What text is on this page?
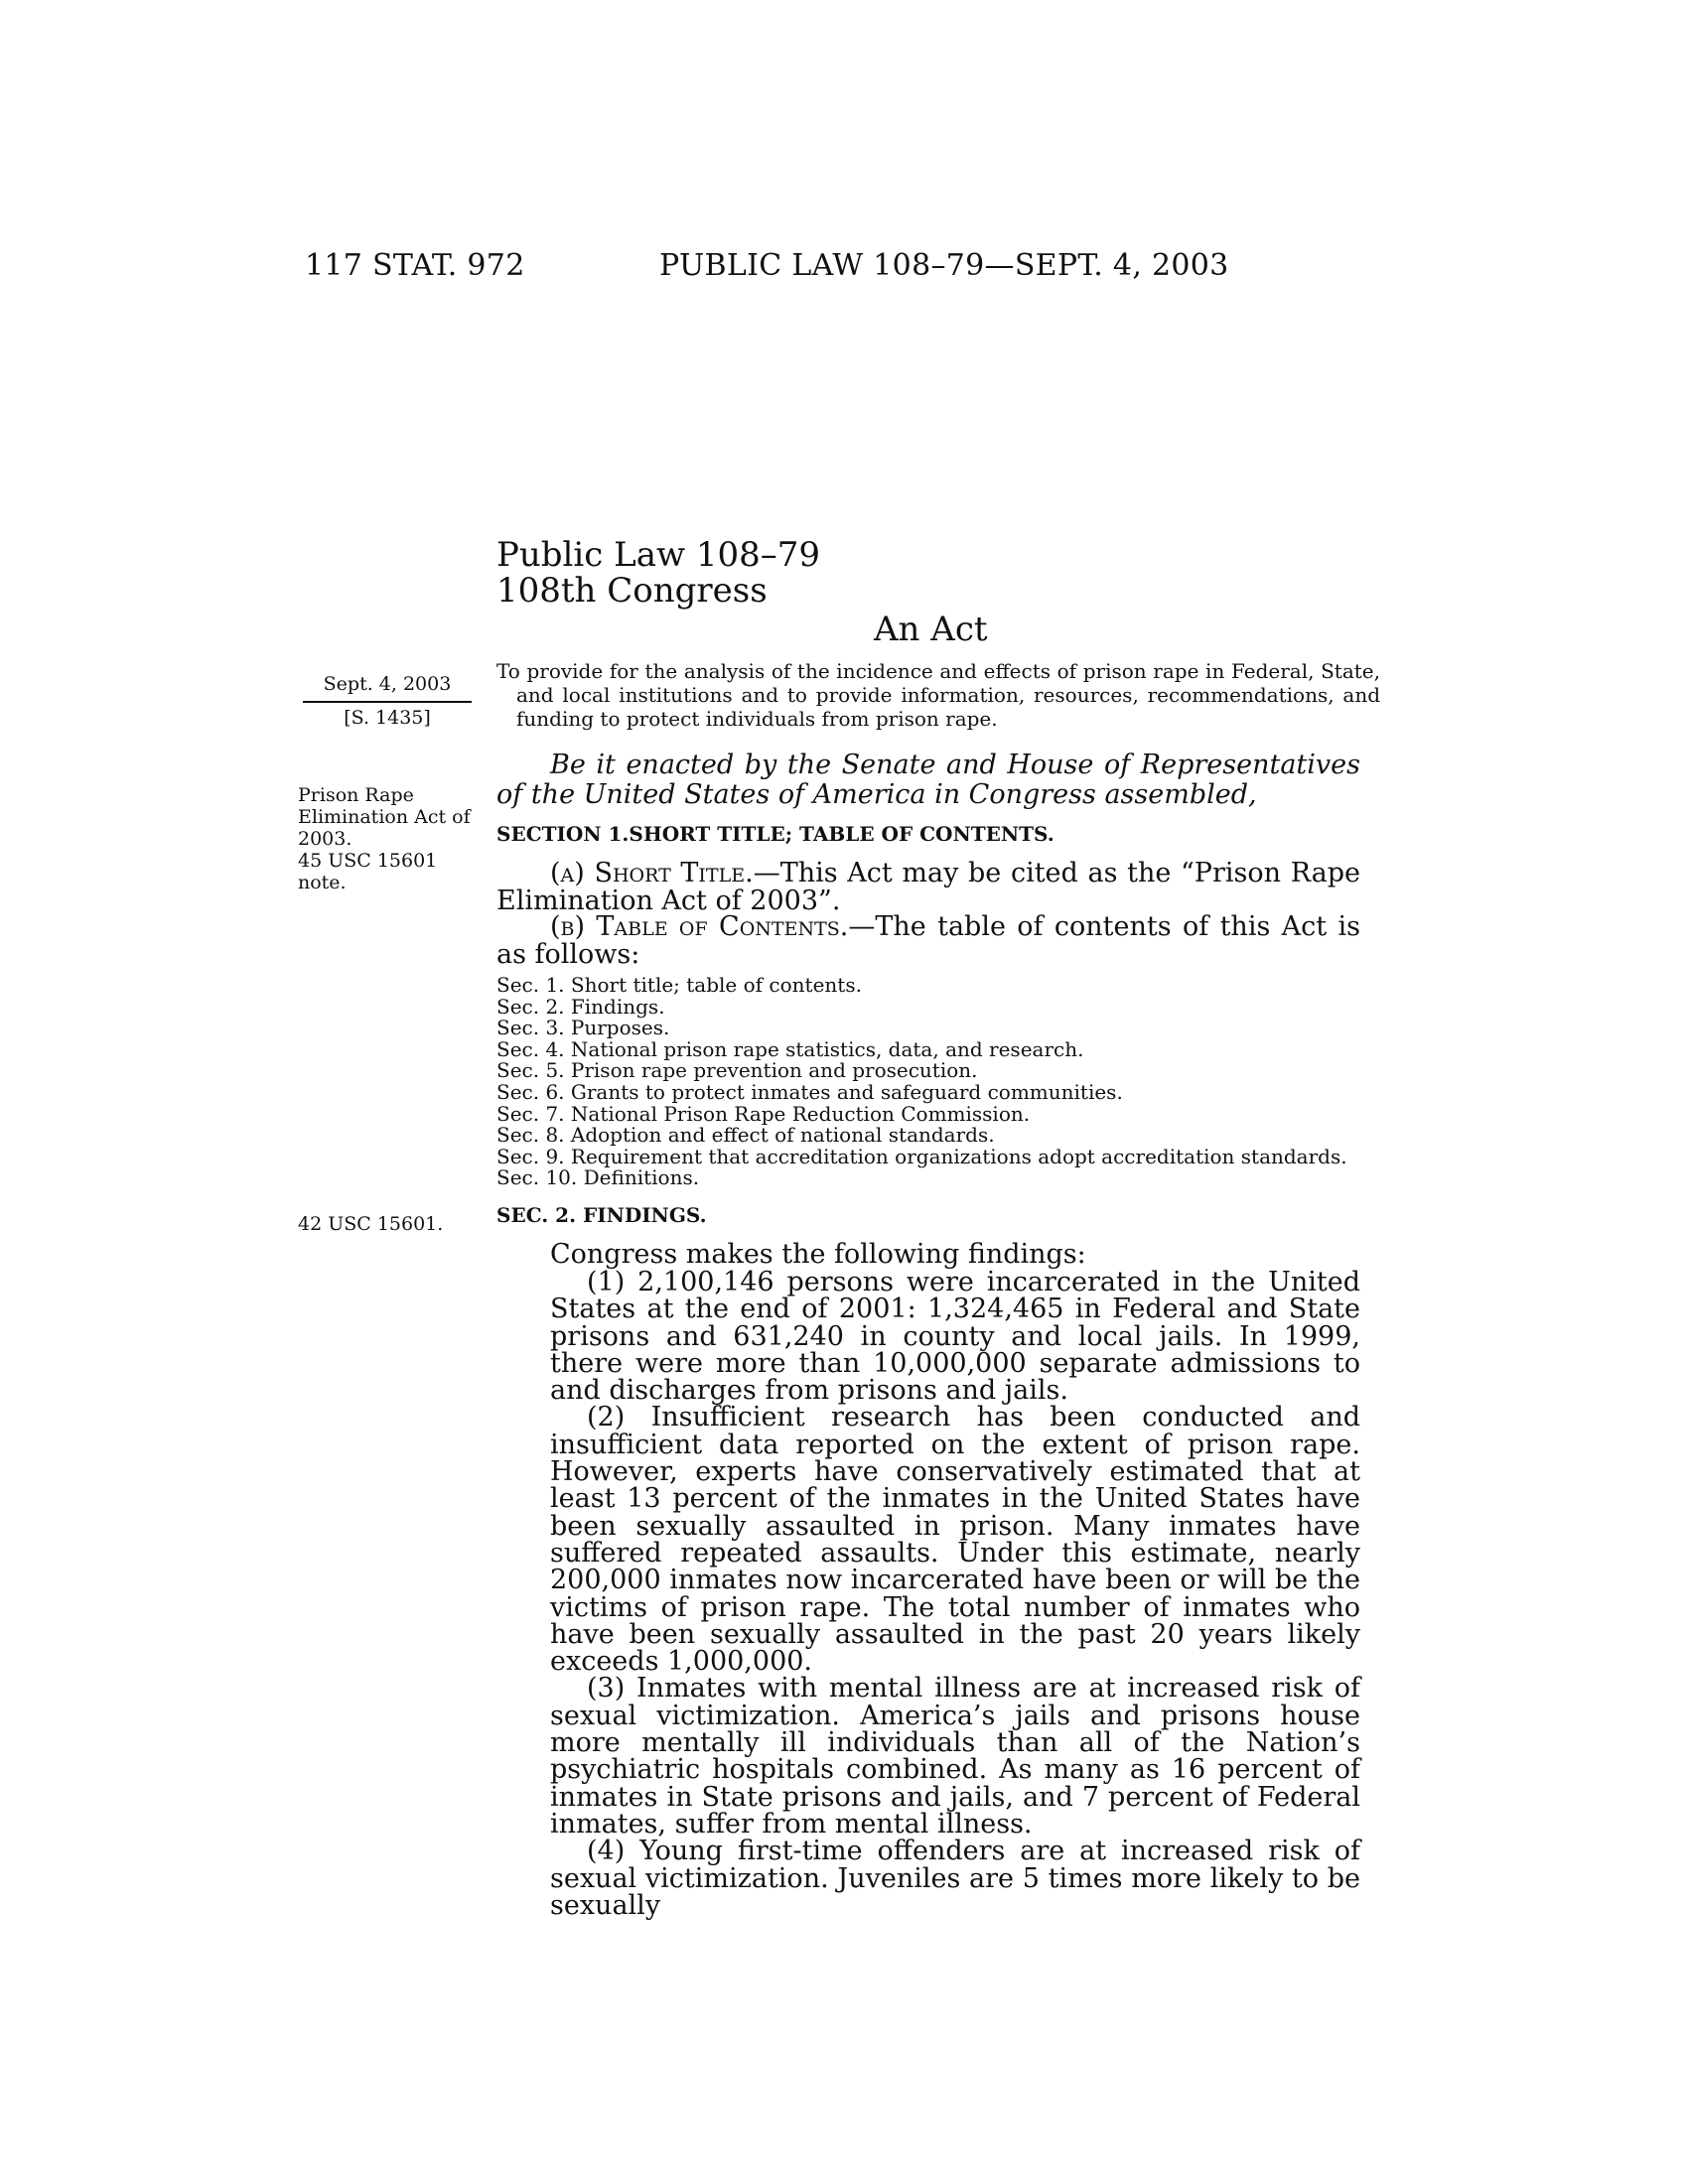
117 STAT. 972	PUBLIC LAW 108–79—SEPT. 4, 2003
Public Law 108–79
108th Congress
An Act
Sept. 4, 2003
[S. 1435]
Prison Rape Elimination Act of 2003.
45 USC 15601 note.
42 USC 15601.
To provide for the analysis of the incidence and effects of prison rape in Federal, State, and local institutions and to provide information, resources, recommendations, and funding to protect individuals from prison rape.
Be it enacted by the Senate and House of Representatives of the United States of America in Congress assembled,
SECTION 1.SHORT TITLE; TABLE OF CONTENTS.
(a) Short Title.—This Act may be cited as the “Prison Rape Elimination Act of 2003”.
(b) Table of Contents.—The table of contents of this Act is as follows:
Sec. 1. Short title; table of contents.
Sec. 2. Findings.
Sec. 3. Purposes.
Sec. 4. National prison rape statistics, data, and research.
Sec. 5. Prison rape prevention and prosecution.
Sec. 6. Grants to protect inmates and safeguard communities.
Sec. 7. National Prison Rape Reduction Commission.
Sec. 8. Adoption and effect of national standards.
Sec. 9. Requirement that accreditation organizations adopt accreditation standards.
Sec. 10. Definitions.
SEC. 2. FINDINGS.
Congress makes the following findings:

(1) 2,100,146 persons were incarcerated in the United States at the end of 2001: 1,324,465 in Federal and State prisons and 631,240 in county and local jails. In 1999, there were more than 10,000,000 separate admissions to and discharges from prisons and jails.

(2) Insufficient research has been conducted and insufficient data reported on the extent of prison rape. However, experts have conservatively estimated that at least 13 percent of the inmates in the United States have been sexually assaulted in prison. Many inmates have suffered repeated assaults. Under this estimate, nearly 200,000 inmates now incarcerated have been or will be the victims of prison rape. The total number of inmates who have been sexually assaulted in the past 20 years likely exceeds 1,000,000.

(3) Inmates with mental illness are at increased risk of sexual victimization. America’s jails and prisons house more mentally ill individuals than all of the Nation’s psychiatric hospitals combined. As many as 16 percent of inmates in State prisons and jails, and 7 percent of Federal inmates, suffer from mental illness.

(4) Young first-time offenders are at increased risk of sexual victimization. Juveniles are 5 times more likely to be sexually
